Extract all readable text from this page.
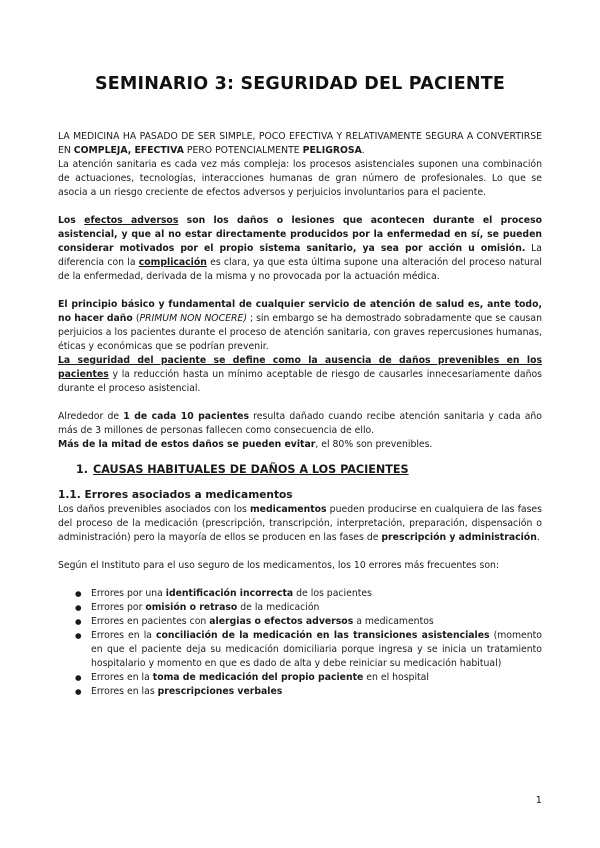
SEMINARIO 3: SEGURIDAD DEL PACIENTE

LA MEDICINA HA PASADO DE SER SIMPLE, POCO EFECTIVA Y RELATIVAMENTE SEGURA A CONVERTIRSE EN COMPLEJA, EFECTIVA PERO POTENCIALMENTE PELIGROSA.

La atención sanitaria es cada vez más compleja: los procesos asistenciales suponen una combinación de actuaciones, tecnologías, interacciones humanas de gran número de profesionales. Lo que se asocia a un riesgo creciente de efectos adversos y perjuicios involuntarios para el paciente.

Los efectos adversos son los daños o lesiones que acontecen durante el proceso asistencial, y que al no estar directamente producidos por la enfermedad en sí, se pueden considerar motivados por el propio sistema sanitario, ya sea por acción u omisión. La diferencia con la complicación es clara, ya que esta última supone una alteración del proceso natural de la enfermedad, derivada de la misma y no provocada por la actuación médica.

El principio básico y fundamental de cualquier servicio de atención de salud es, ante todo, no hacer daño (PRIMUM NON NOCERE) ; sin embargo se ha demostrado sobradamente que se causan perjuicios a los pacientes durante el proceso de atención sanitaria, con graves repercusiones humanas, éticas y económicas que se podrían prevenir.

La seguridad del paciente se define como la ausencia de daños prevenibles en los pacientes y la reducción hasta un mínimo aceptable de riesgo de causarles innecesariamente daños durante el proceso asistencial.

Alrededor de 1 de cada 10 pacientes resulta dañado cuando recibe atención sanitaria y cada año más de 3 millones de personas fallecen como consecuencia de ello.

Más de la mitad de estos daños se pueden evitar, el 80% son prevenibles.

1. CAUSAS HABITUALES DE DAÑOS A LOS PACIENTES
1.1. Errores asociados a medicamentos

Los daños prevenibles asociados con los medicamentos pueden producirse en cualquiera de las fases del proceso de la medicación (prescripción, transcripción, interpretación, preparación, dispensación o administración) pero la mayoría de ellos se producen en las fases de prescripción y administración.

Según el Instituto para el uso seguro de los medicamentos, los 10 errores más frecuentes son:

● Errores por una identificación incorrecta de los pacientes
● Errores por omisión o retraso de la medicación
● Errores en pacientes con alergias o efectos adversos a medicamentos
● Errores en la conciliación de la medicación en las transiciones asistenciales (momento en que el paciente deja su medicación domiciliaria porque ingresa y se inicia un tratamiento hospitalario y momento en que es dado de alta y debe reiniciar su medicación habitual)
● Errores en la toma de medicación del propio paciente en el hospital
● Errores en las prescripciones verbales
1
